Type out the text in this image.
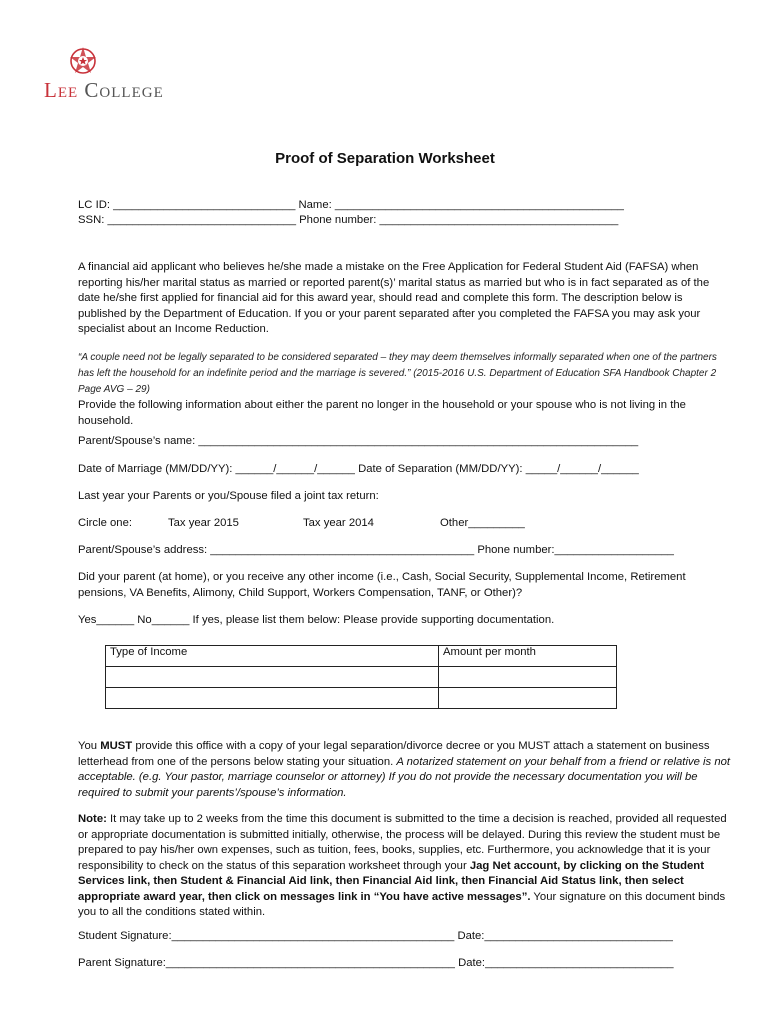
Lee College
Proof of Separation Worksheet
LC ID: _____________________________ Name: ______________________________________________
SSN: ______________________________ Phone number: ______________________________________
A financial aid applicant who believes he/she made a mistake on the Free Application for Federal Student Aid (FAFSA) when reporting his/her marital status as married or reported parent(s)’ marital status as married but who is in fact separated as of the date he/she first applied for financial aid for this award year, should read and complete this form. The description below is published by the Department of Education. If you or your parent separated after you completed the FAFSA you may ask your specialist about an Income Reduction.
“A couple need not be legally separated to be considered separated – they may deem themselves informally separated when one of the partners has left the household for an indefinite period and the marriage is severed.” (2015-2016 U.S. Department of Education SFA Handbook Chapter 2 Page AVG – 29)
Provide the following information about either the parent no longer in the household or your spouse who is not living in the household.
Parent/Spouse’s name: ______________________________________________________________________
Date of Marriage (MM/DD/YY): ______/______/______ Date of Separation (MM/DD/YY): _____/______/______
Last year your Parents or you/Spouse filed a joint tax return:
Circle one:	Tax year 2015	Tax year 2014	Other_________
Parent/Spouse’s address: __________________________________________ Phone number:___________________
Did your parent (at home), or you receive any other income (i.e., Cash, Social Security, Supplemental Income, Retirement pensions, VA Benefits, Alimony, Child Support, Workers Compensation, TANF, or Other)?
Yes______ No______ If yes, please list them below: Please provide supporting documentation.
Type of Income	Amount per month

You MUST provide this office with a copy of your legal separation/divorce decree or you MUST attach a statement on business letterhead from one of the persons below stating your situation. A notarized statement on your behalf from a friend or relative is not acceptable. (e.g. Your pastor, marriage counselor or attorney) If you do not provide the necessary documentation you will be required to submit your parents’/spouse’s information.
Note: It may take up to 2 weeks from the time this document is submitted to the time a decision is reached, provided all requested or appropriate documentation is submitted initially, otherwise, the process will be delayed. During this review the student must be prepared to pay his/her own expenses, such as tuition, fees, books, supplies, etc. Furthermore, you acknowledge that it is your responsibility to check on the status of this separation worksheet through your Jag Net account, by clicking on the Student Services link, then Student & Financial Aid link, then Financial Aid link, then Financial Aid Status link, then select appropriate award year, then click on messages link in “You have active messages”. Your signature on this document binds you to all the conditions stated within.
Student Signature:_____________________________________________ Date:______________________________
Parent Signature:______________________________________________ Date:______________________________
